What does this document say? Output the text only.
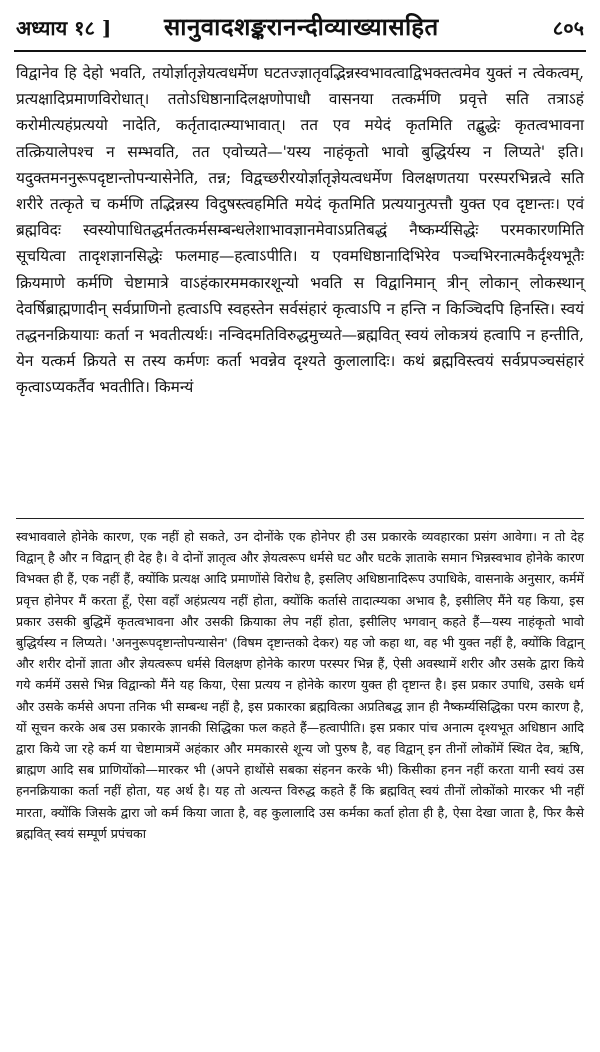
अध्याय १८ ] सानुवादशङ्करानन्दीव्याख्यासहित	८०५

विद्वानेव हि देहो भवति, तयोर्ज्ञातृज्ञेयत्वधर्मेण घटतज्ज्ञातृवद्भिन्नस्वभावत्वाद्विभक्तत्वमेव युक्तं न त्वेकत्वम्, प्रत्यक्षादिप्रमाणविरोधात्। ततोऽधिष्ठानादिलक्षणोपाधौ वासनया तत्कर्मणि प्रवृत्ते सति तत्राऽहं करोमीत्यहंप्रत्ययो नादेति, कर्तृतादात्म्याभावात्। तत एव मयेदं कृतमिति तद्बुद्धेः कृतत्वभावना तत्क्रियालेपश्च न सम्भवति, तत एवोच्यते—'यस्य नाहंकृतो भावो बुद्धिर्यस्य न लिप्यते' इति। यदुक्तमननुरूपदृष्टान्तोपन्यासेनेति, तन्न; विद्वच्छरीरयोर्ज्ञातृज्ञेयत्वधर्मेण विलक्षणतया परस्परभिन्नत्वे सति शरीरे तत्कृते च कर्मणि तद्भिन्नस्य विदुषस्त्वहमिति मयेदं कृतमिति प्रत्ययानुत्पत्तौ युक्त एव दृष्टान्तः। एवं ब्रह्मविदः स्वस्योपाधितद्धर्मतत्कर्मसम्बन्धलेशाभावज्ञानमेवाऽप्रतिबद्धं नैष्कर्म्यसिद्धेः परमकारणमिति सूचयित्वा तादृशज्ञानसिद्धेः फलमाह—हत्वाऽपीति। य एवमधिष्ठानादिभिरेव पञ्चभिरनात्मकैर्दृश्यभूतैः क्रियमाणे कर्मणि चेष्टामात्रे वाऽहंकारममकारशून्यो भवति स विद्वानिमान् त्रीन् लोकान् लोकस्थान् देवर्षिब्राह्मणादीन् सर्वप्राणिनो हत्वाऽपि स्वहस्तेन सर्वसंहारं कृत्वाऽपि न हन्ति न किञ्चिदपि हिनस्ति। स्वयं तद्धननक्रियायाः कर्ता न भवतीत्यर्थः। नन्विदमतिविरुद्धमुच्यते—ब्रह्मवित् स्वयं लोकत्रयं हत्वापि न हन्तीति, येन यत्कर्म क्रियते स तस्य कर्मणः कर्ता भवन्नेव दृश्यते कुलालादिः। कथं ब्रह्मविस्त्वयं सर्वप्रपञ्चसंहारं कृत्वाऽप्यकर्तैव भवतीति। किमन्यं

स्वभाववाले होनेके कारण, एक नहीं हो सकते, उन दोनोंके एक होनेपर ही उस प्रकारके व्यवहारका प्रसंग आवेगा। न तो देह विद्वान् है और न विद्वान् ही देह है। वे दोनों ज्ञातृत्व और ज्ञेयत्वरूप धर्मसे घट और घटके ज्ञाताके समान भिन्नस्वभाव होनेके कारण विभक्त ही हैं, एक नहीं हैं, क्योंकि प्रत्यक्ष आदि प्रमाणोंसे विरोध है, इसलिए अधिष्ठानादिरूप उपाधिके, वासनाके अनुसार, कर्ममें प्रवृत्त होनेपर मैं करता हूँ, ऐसा वहाँ अहंप्रत्यय नहीं होता, क्योंकि कर्तासे तादात्म्यका अभाव है, इसीलिए मैंने यह किया, इस प्रकार उसकी बुद्धिमें कृतत्वभावना और उसकी क्रियाका लेप नहीं होता, इसीलिए भगवान् कहते हैं—यस्य नाहंकृतो भावो बुद्धिर्यस्य न लिप्यते। 'अननुरूपदृष्टान्तोपन्यासेन' (विषम दृष्टान्तको देकर) यह जो कहा था, वह भी युक्त नहीं है, क्योंकि विद्वान् और शरीर दोनों ज्ञाता और ज्ञेयत्वरूप धर्मसे विलक्षण होनेके कारण परस्पर भिन्न हैं, ऐसी अवस्थामें शरीर और उसके द्वारा किये गये कर्ममें उससे भिन्न विद्वान्को मैंने यह किया, ऐसा प्रत्यय न होनेके कारण युक्त ही दृष्टान्त है। इस प्रकार उपाधि, उसके धर्म और उसके कर्मसे अपना तनिक भी सम्बन्ध नहीं है, इस प्रकारका ब्रह्मवित्का अप्रतिबद्ध ज्ञान ही नैष्कर्म्यसिद्धिका परम कारण है, यों सूचन करके अब उस प्रकारके ज्ञानकी सिद्धिका फल कहते हैं—हत्वापीति। इस प्रकार पांच अनात्म दृश्यभूत अधिष्ठान आदि द्वारा किये जा रहे कर्म या चेष्टामात्रमें अहंकार और ममकारसे शून्य जो पुरुष है, वह विद्वान् इन तीनों लोकोंमें स्थित देव, ऋषि, ब्राह्मण आदि सब प्राणियोंको—मारकर भी (अपने हाथोंसे सबका संहनन करके भी) किसीका हनन नहीं करता यानी स्वयं उस हननक्रियाका कर्ता नहीं होता, यह अर्थ है। यह तो अत्यन्त विरुद्ध कहते हैं कि ब्रह्मवित् स्वयं तीनों लोकोंको मारकर भी नहीं मारता, क्योंकि जिसके द्वारा जो कर्म किया जाता है, वह कुलालादि उस कर्मका कर्ता होता ही है, ऐसा देखा जाता है, फिर कैसे ब्रह्मवित् स्वयं सम्पूर्ण प्रपंचका
